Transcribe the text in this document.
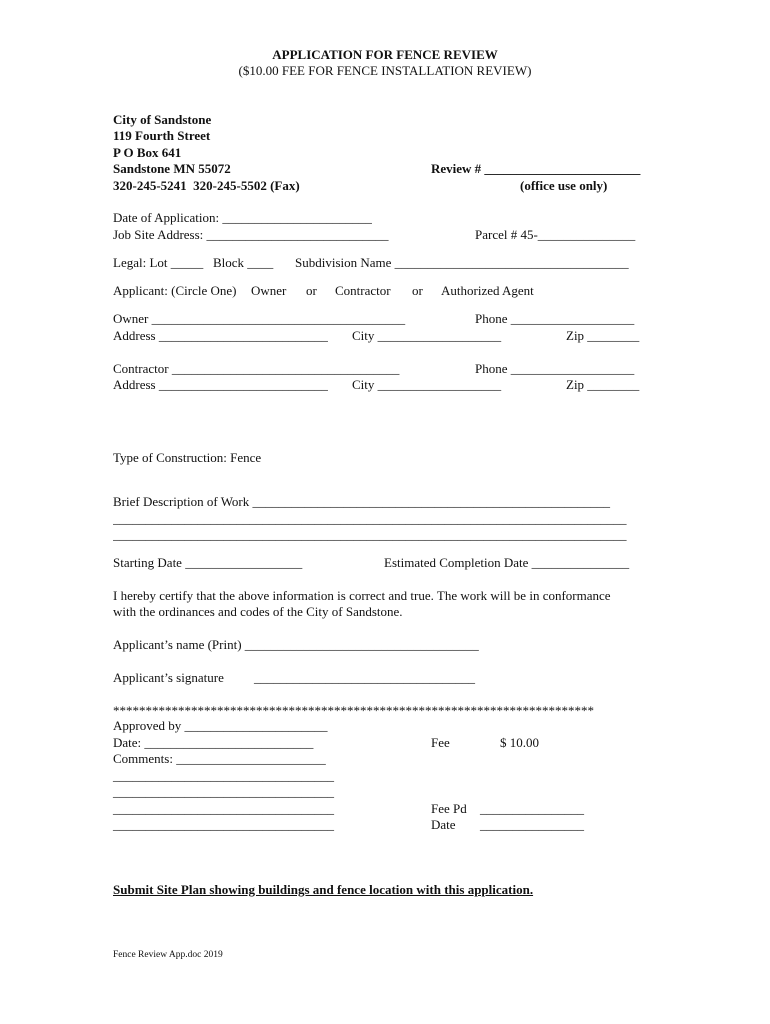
APPLICATION FOR FENCE REVIEW
($10.00 FEE FOR FENCE INSTALLATION REVIEW)
City of Sandstone
119 Fourth Street
P O Box 641
Sandstone MN 55072
320-245-5241  320-245-5502 (Fax)
Review # ________________________
(office use only)
Date of Application: _______________________
Job Site Address: ____________________________	Parcel # 45-_______________
Legal: Lot _____ Block ____ Subdivision Name ____________________________________
Applicant: (Circle One) Owner or Contractor or Authorized Agent
Owner _______________________________________	Phone ___________________
Address __________________________ City ___________________	Zip ________
Contractor ___________________________________	Phone ___________________
Address __________________________ City ___________________	Zip ________
Type of Construction: Fence
Brief Description of Work _______________________________________________________
_______________________________________________________________________________
_______________________________________________________________________________
Starting Date __________________	Estimated Completion Date _______________
I hereby certify that the above information is correct and true. The work will be in conformance
with the ordinances and codes of the City of Sandstone.
Applicant’s name (Print) ____________________________________
Applicant’s signature __________________________________
**************************************************************************
Approved by ______________________
Date: __________________________
Comments: _______________________
__________________________________
__________________________________
__________________________________
__________________________________
Fee	$ 10.00
Fee Pd ________________
Date ________________
Submit Site Plan showing buildings and fence location with this application.
Fence Review App.doc 2019
